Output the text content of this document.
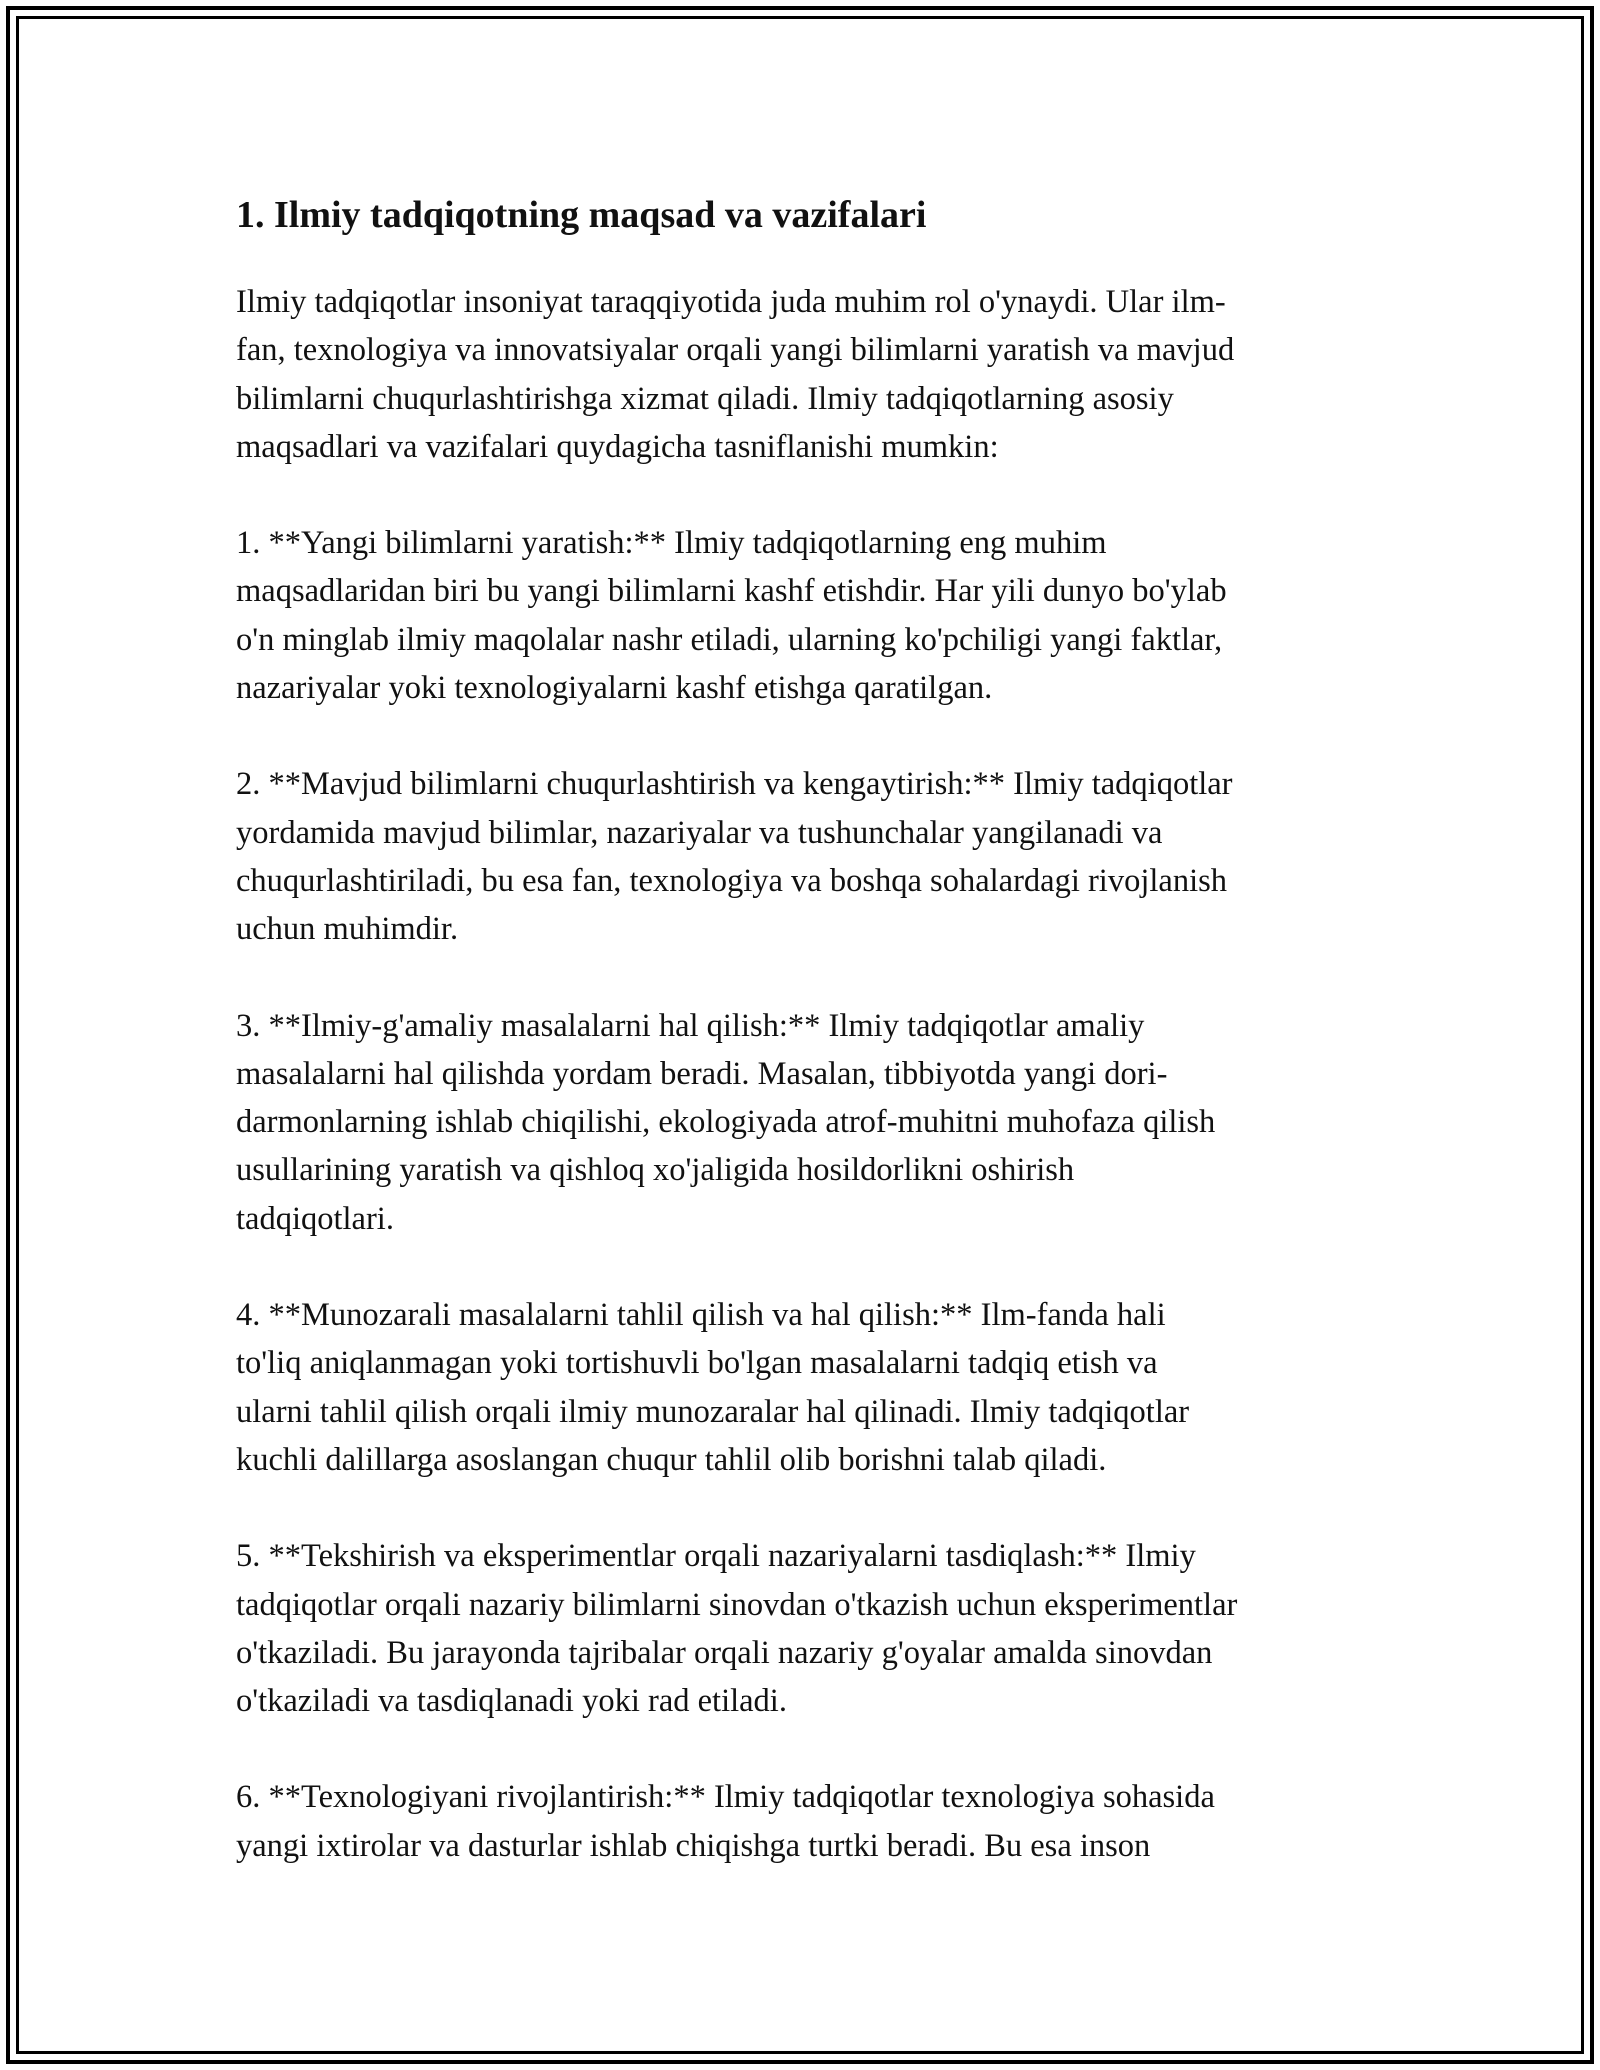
1. Ilmiy tadqiqotning maqsad va vazifalari

Ilmiy tadqiqotlar insoniyat taraqqiyotida juda muhim rol o'ynaydi. Ular ilm-
fan, texnologiya va innovatsiyalar orqali yangi bilimlarni yaratish va mavjud
bilimlarni chuqurlashtirishga xizmat qiladi. Ilmiy tadqiqotlarning asosiy
maqsadlari va vazifalari quydagicha tasniflanishi mumkin:

1. **Yangi bilimlarni yaratish:** Ilmiy tadqiqotlarning eng muhim
maqsadlaridan biri bu yangi bilimlarni kashf etishdir. Har yili dunyo bo'ylab
o'n minglab ilmiy maqolalar nashr etiladi, ularning ko'pchiligi yangi faktlar,
nazariyalar yoki texnologiyalarni kashf etishga qaratilgan.

2. **Mavjud bilimlarni chuqurlashtirish va kengaytirish:** Ilmiy tadqiqotlar
yordamida mavjud bilimlar, nazariyalar va tushunchalar yangilanadi va
chuqurlashtiriladi, bu esa fan, texnologiya va boshqa sohalardagi rivojlanish
uchun muhimdir.

3. **Ilmiy-g'amaliy masalalarni hal qilish:** Ilmiy tadqiqotlar amaliy
masalalarni hal qilishda yordam beradi. Masalan, tibbiyotda yangi dori-
darmonlarning ishlab chiqilishi, ekologiyada atrof-muhitni muhofaza qilish
usullarining yaratish va qishloq xo'jaligida hosildorlikni oshirish
tadqiqotlari.

4. **Munozarali masalalarni tahlil qilish va hal qilish:** Ilm-fanda hali
to'liq aniqlanmagan yoki tortishuvli bo'lgan masalalarni tadqiq etish va
ularni tahlil qilish orqali ilmiy munozaralar hal qilinadi. Ilmiy tadqiqotlar
kuchli dalillarga asoslangan chuqur tahlil olib borishni talab qiladi.

5. **Tekshirish va eksperimentlar orqali nazariyalarni tasdiqlash:** Ilmiy
tadqiqotlar orqali nazariy bilimlarni sinovdan o'tkazish uchun eksperimentlar
o'tkaziladi. Bu jarayonda tajribalar orqali nazariy g'oyalar amalda sinovdan
o'tkaziladi va tasdiqlanadi yoki rad etiladi.

6. **Texnologiyani rivojlantirish:** Ilmiy tadqiqotlar texnologiya sohasida
yangi ixtirolar va dasturlar ishlab chiqishga turtki beradi. Bu esa inson
